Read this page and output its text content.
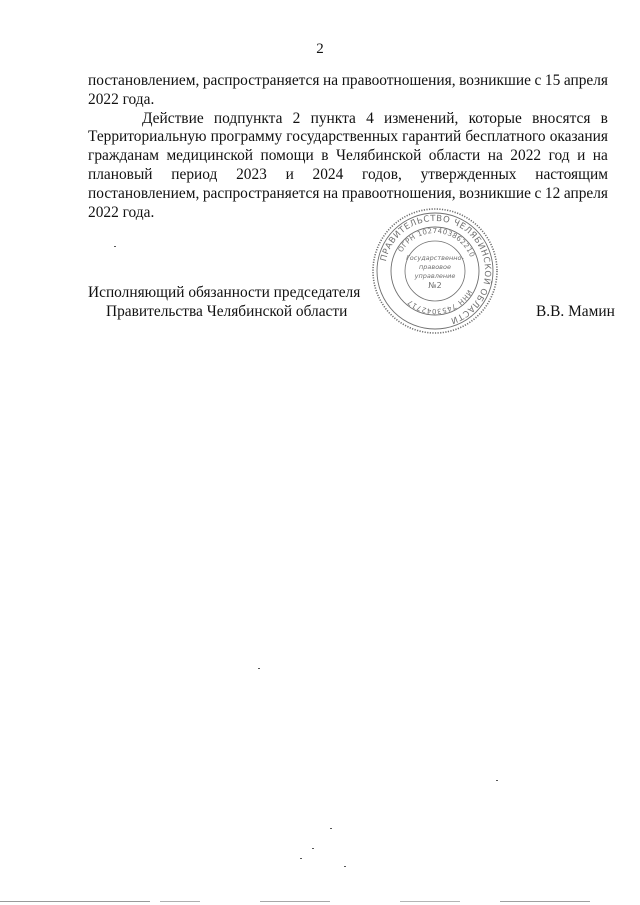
2

постановлением, распространяется на правоотношения, возникшие с 15 апреля
2022 года.

Действие подпункта 2 пункта 4 изменений, которые вносятся в
Территориальную программу государственных гарантий бесплатного оказания
гражданам медицинской помощи в Челябинской области на 2022 год и на
плановый период 2023 и 2024 годов, утвержденных настоящим
постановлением, распространяется на правоотношения, возникшие с 12 апреля
2022 года.

Исполняющий обязанности председателя
Правительства Челябинской области	В.В. Мамин
ПРАВИТЕЛЬСТВО ЧЕЛЯБИНСКОЙ ОБЛАСТИ
ОГРН 1027403862210
ИНН 7453042717
Государственно-
правовое
управление
№2
